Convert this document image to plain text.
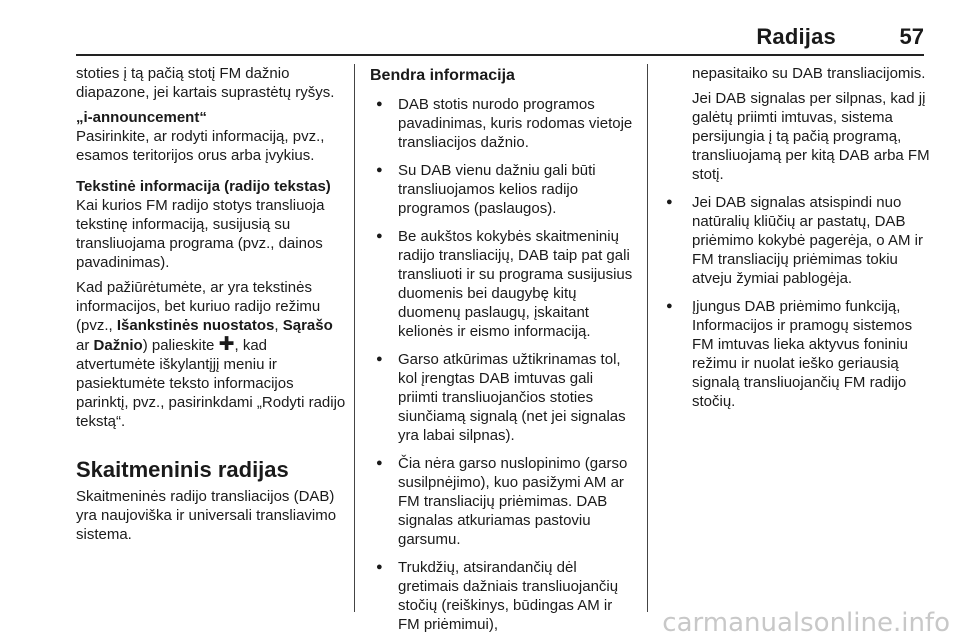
Radijas	57

stoties į tą pačią stotį FM dažnio diapazone, jei kartais suprastėtų ryšys.

„i-announcement“
Pasirinkite, ar rodyti informaciją, pvz., esamos teritorijos orus arba įvykius.

Tekstinė informacija (radijo tekstas)
Kai kurios FM radijo stotys transliuoja tekstinę informaciją, susijusią su transliuojama programa (pvz., dainos pavadinimas).

Kad pažiūrėtumėte, ar yra tekstinės informacijos, bet kuriuo radijo režimu (pvz., Išankstinės nuostatos, Sąrašo ar Dažnio) palieskite ✚, kad atvertumėte iškylantįjį meniu ir pasiektumėte teksto informacijos parinktį, pvz., pasirinkdami „Rodyti radijo tekstą“.

Skaitmeninis radijas

Skaitmeninės radijo transliacijos (DAB) yra naujoviška ir universali transliavimo sistema.

Bendra informacija
● DAB stotis nurodo programos pavadinimas, kuris rodomas vietoje transliacijos dažnio.
● Su DAB vienu dažniu gali būti transliuojamos kelios radijo programos (paslaugos).
● Be aukštos kokybės skaitmeninių radijo transliacijų, DAB taip pat gali transliuoti ir su programa susijusius duomenis bei daugybę kitų duomenų paslaugų, įskaitant kelionės ir eismo informaciją.
● Garso atkūrimas užtikrinamas tol, kol įrengtas DAB imtuvas gali priimti transliuojančios stoties siunčiamą signalą (net jei signalas yra labai silpnas).
● Čia nėra garso nuslopinimo (garso susilpnėjimo), kuo pasižymi AM ar FM transliacijų priėmimas. DAB signalas atkuriamas pastoviu garsumu.
● Trukdžių, atsirandančių dėl gretimais dažniais transliuojančių stočių (reiškinys, būdingas AM ir FM priėmimui),

nepasitaiko su DAB transliacijomis.

Jei DAB signalas per silpnas, kad jį galėtų priimti imtuvas, sistema persijungia į tą pačią programą, transliuojamą per kitą DAB arba FM stotį.

● Jei DAB signalas atsispindi nuo natūralių kliūčių ar pastatų, DAB priėmimo kokybė pagerėja, o AM ir FM transliacijų priėmimas tokiu atveju žymiai pablogėja.
● Įjungus DAB priėmimo funkciją, Informacijos ir pramogų sistemos FM imtuvas lieka aktyvus foniniu režimu ir nuolat ieško geriausią signalą transliuojančių FM radijo stočių.
carmanualsonline.info
